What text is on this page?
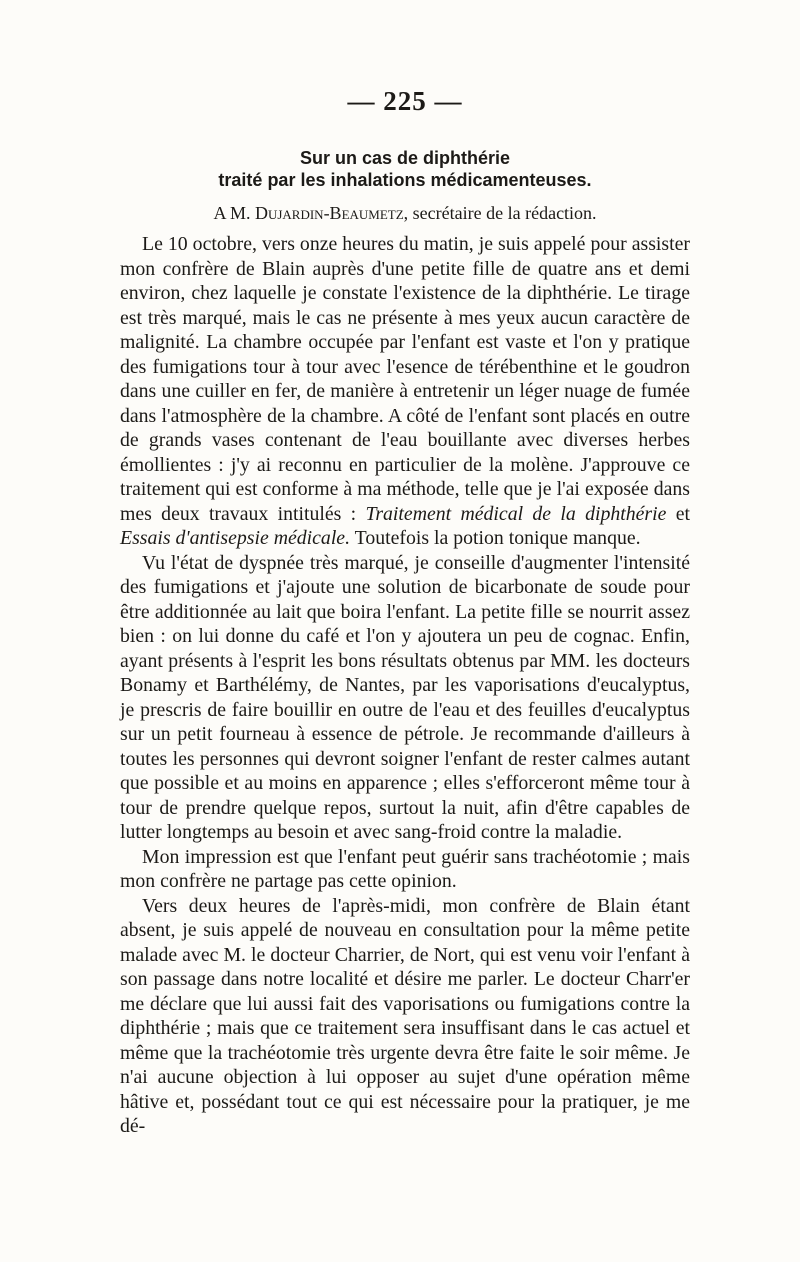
— 225 —
Sur un cas de diphthérie
traité par les inhalations médicamenteuses.
A M. Dujardin-Beaumetz, secrétaire de la rédaction.

Le 10 octobre, vers onze heures du matin, je suis appelé pour assister mon confrère de Blain auprès d'une petite fille de quatre ans et demi environ, chez laquelle je constate l'existence de la diphthérie. Le tirage est très marqué, mais le cas ne présente à mes yeux aucun caractère de malignité. La chambre occupée par l'enfant est vaste et l'on y pratique des fumigations tour à tour avec l'esence de térébenthine et le goudron dans une cuiller en fer, de manière à entretenir un léger nuage de fumée dans l'atmosphère de la chambre. A côté de l'enfant sont placés en outre de grands vases contenant de l'eau bouillante avec diverses herbes émollientes : j'y ai reconnu en particulier de la molène. J'approuve ce traitement qui est conforme à ma méthode, telle que je l'ai exposée dans mes deux travaux intitulés : Traitement médical de la diphthérie et Essais d'antisepsie médicale. Toutefois la potion tonique manque.

Vu l'état de dyspnée très marqué, je conseille d'augmenter l'intensité des fumigations et j'ajoute une solution de bicarbonate de soude pour être additionnée au lait que boira l'enfant. La petite fille se nourrit assez bien : on lui donne du café et l'on y ajoutera un peu de cognac. Enfin, ayant présents à l'esprit les bons résultats obtenus par MM. les docteurs Bonamy et Barthélémy, de Nantes, par les vaporisations d'eucalyptus, je prescris de faire bouillir en outre de l'eau et des feuilles d'eucalyptus sur un petit fourneau à essence de pétrole. Je recommande d'ailleurs à toutes les personnes qui devront soigner l'enfant de rester calmes autant que possible et au moins en apparence ; elles s'efforceront même tour à tour de prendre quelque repos, surtout la nuit, afin d'être capables de lutter longtemps au besoin et avec sang-froid contre la maladie.

Mon impression est que l'enfant peut guérir sans trachéotomie ; mais mon confrère ne partage pas cette opinion.

Vers deux heures de l'après-midi, mon confrère de Blain étant absent, je suis appelé de nouveau en consultation pour la même petite malade avec M. le docteur Charrier, de Nort, qui est venu voir l'enfant à son passage dans notre localité et désire me parler. Le docteur Charr'er me déclare que lui aussi fait des vaporisations ou fumigations contre la diphthérie ; mais que ce traitement sera insuffisant dans le cas actuel et même que la trachéotomie très urgente devra être faite le soir même. Je n'ai aucune objection à lui opposer au sujet d'une opération même hâtive et, possédant tout ce qui est nécessaire pour la pratiquer, je me dé-
